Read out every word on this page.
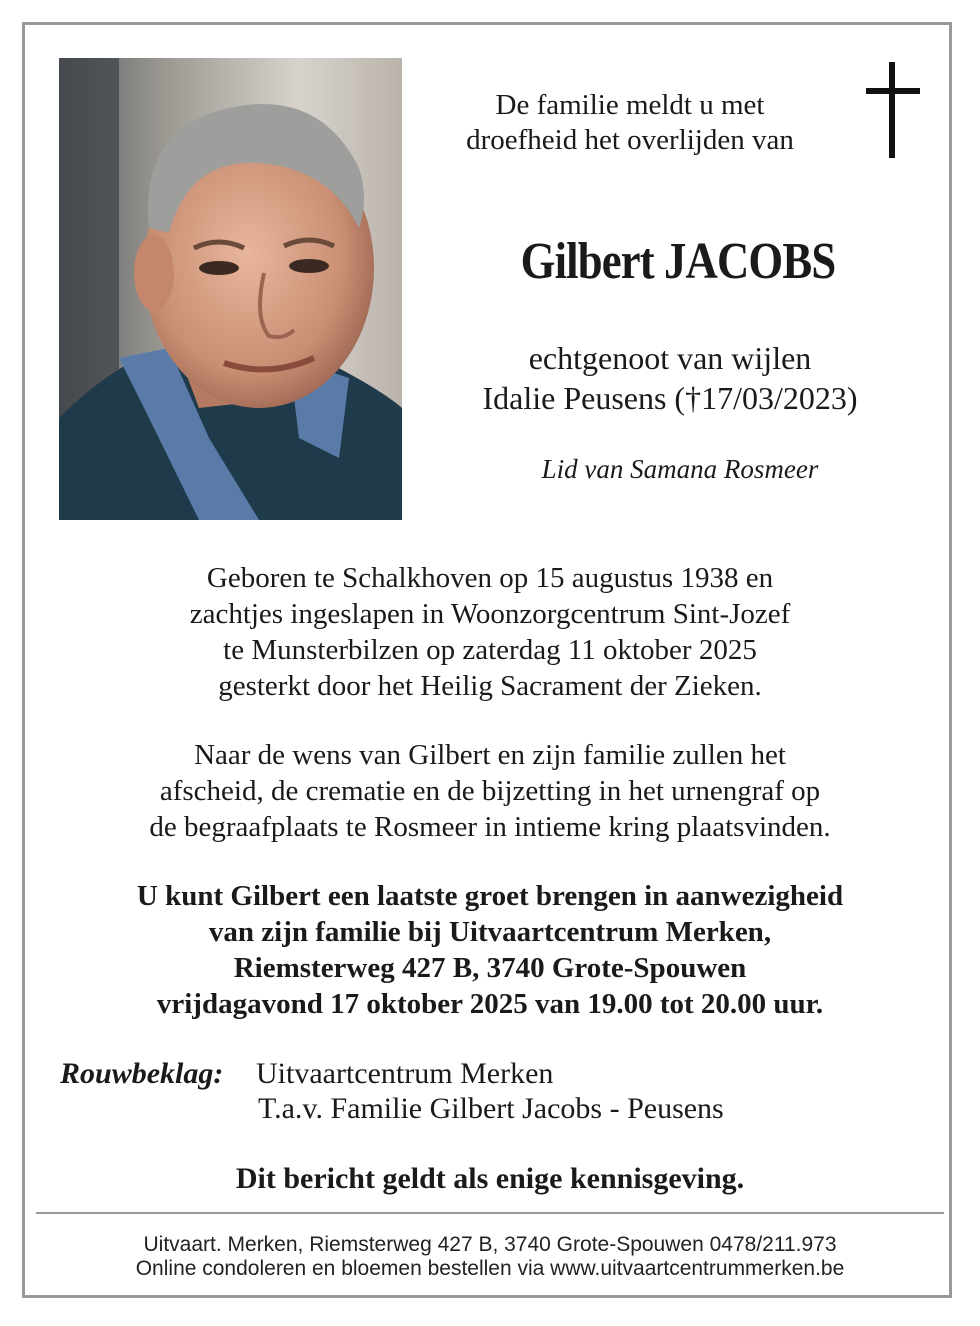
De familie meldt u met
droefheid het overlijden van
Gilbert JACOBS
echtgenoot van wijlen
Idalie Peusens (†17/03/2023)
Lid van Samana Rosmeer
Geboren te Schalkhoven op 15 augustus 1938 en
zachtjes ingeslapen in Woonzorgcentrum Sint-Jozef
te Munsterbilzen op zaterdag 11 oktober 2025
gesterkt door het Heilig Sacrament der Zieken.
Naar de wens van Gilbert en zijn familie zullen het
afscheid, de crematie en de bijzetting in het urnengraf op
de begraafplaats te Rosmeer in intieme kring plaatsvinden.
U kunt Gilbert een laatste groet brengen in aanwezigheid
van zijn familie bij Uitvaartcentrum Merken,
Riemsterweg 427 B, 3740 Grote-Spouwen
vrijdagavond 17 oktober 2025 van 19.00 tot 20.00 uur.
Rouwbeklag: Uitvaartcentrum Merken
T.a.v. Familie Gilbert Jacobs - Peusens
Dit bericht geldt als enige kennisgeving.
Uitvaart. Merken, Riemsterweg 427 B, 3740 Grote-Spouwen 0478/211.973
Online condoleren en bloemen bestellen via www.uitvaartcentrummerken.be
